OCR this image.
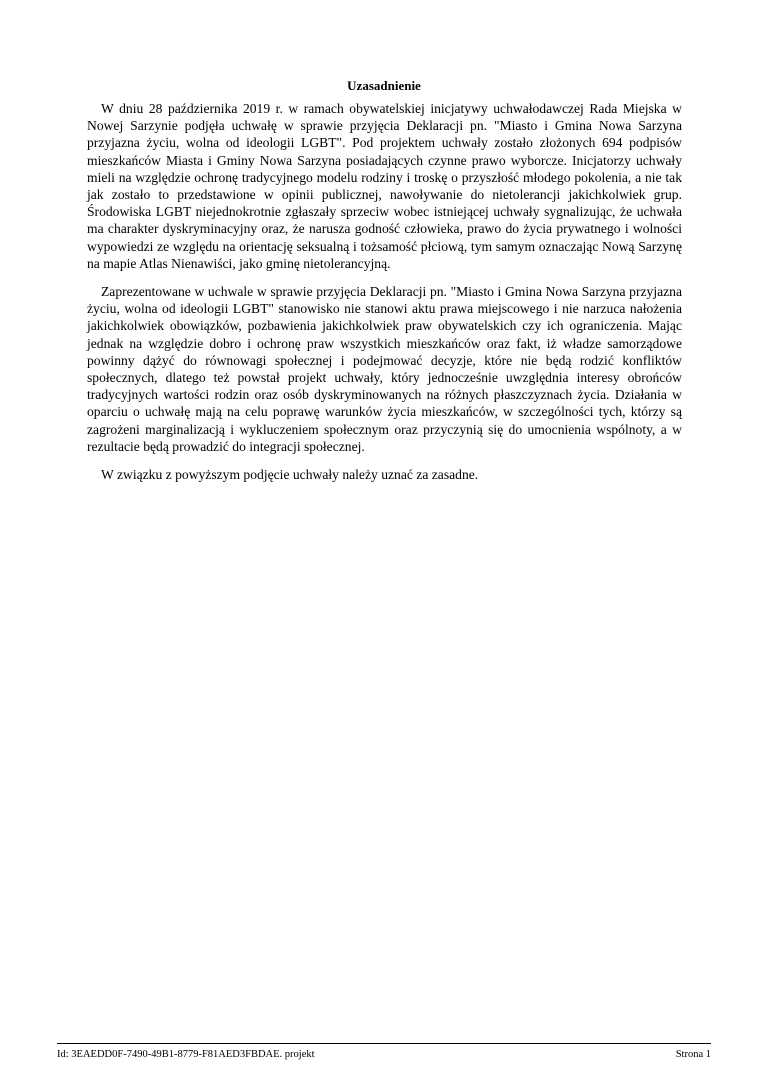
Uzasadnienie

W dniu 28 października 2019 r. w ramach obywatelskiej inicjatywy uchwałodawczej Rada Miejska w Nowej Sarzynie podjęła uchwałę w sprawie przyjęcia Deklaracji pn. "Miasto i Gmina Nowa Sarzyna przyjazna życiu, wolna od ideologii LGBT". Pod projektem uchwały zostało złożonych 694 podpisów mieszkańców Miasta i Gminy Nowa Sarzyna posiadających czynne prawo wyborcze. Inicjatorzy uchwały mieli na względzie ochronę tradycyjnego modelu rodziny i troskę o przyszłość młodego pokolenia, a nie tak jak zostało to przedstawione w opinii publicznej, nawoływanie do nietolerancji jakichkolwiek grup. Środowiska LGBT niejednokrotnie zgłaszały sprzeciw wobec istniejącej uchwały sygnalizując, że uchwała ma charakter dyskryminacyjny oraz, że narusza godność człowieka, prawo do życia prywatnego i wolności wypowiedzi ze względu na orientację seksualną i tożsamość płciową, tym samym oznaczając Nową Sarzynę na mapie Atlas Nienawiści, jako gminę nietolerancyjną.

Zaprezentowane w uchwale w sprawie przyjęcia Deklaracji pn. "Miasto i Gmina Nowa Sarzyna przyjazna życiu, wolna od ideologii LGBT" stanowisko nie stanowi aktu prawa miejscowego i nie narzuca nałożenia jakichkolwiek obowiązków, pozbawienia jakichkolwiek praw obywatelskich czy ich ograniczenia. Mając jednak na względzie dobro i ochronę praw wszystkich mieszkańców oraz fakt, iż władze samorządowe powinny dążyć do równowagi społecznej i podejmować decyzje, które nie będą rodzić konfliktów społecznych, dlatego też powstał projekt uchwały, który jednocześnie uwzględnia interesy obrońców tradycyjnych wartości rodzin oraz osób dyskryminowanych na różnych płaszczyznach życia. Działania w oparciu o uchwałę mają na celu poprawę warunków życia mieszkańców, w szczególności tych, którzy są zagrożeni marginalizacją i wykluczeniem społecznym oraz przyczynią się do umocnienia wspólnoty, a w rezultacie będą prowadzić do integracji społecznej.

W związku z powyższym podjęcie uchwały należy uznać za zasadne.

Id: 3EAEDD0F-7490-49B1-8779-F81AED3FBDAE. projekt	Strona 1
